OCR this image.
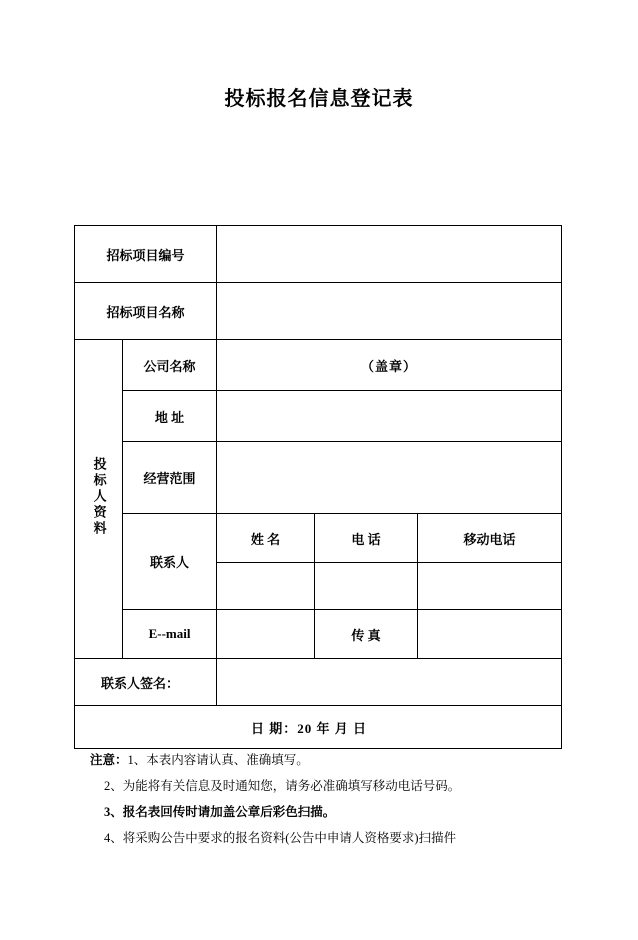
投标报名信息登记表
招标项目编号				
招标项目名称				
投标人资料	公司名称	（盖章）		
	地 址			
	经营范围			
	联系人	姓 名	电 话	移动电话

	E--mail		传 真	
联系人签名：				
日 期：20 年 月 日				

注意：1、本表内容请认真、准确填写。

2、为能将有关信息及时通知您，请务必准确填写移动电话号码。

3、报名表回传时请加盖公章后彩色扫描。

4、将采购公告中要求的报名资料(公告中申请人资格要求)扫描件
